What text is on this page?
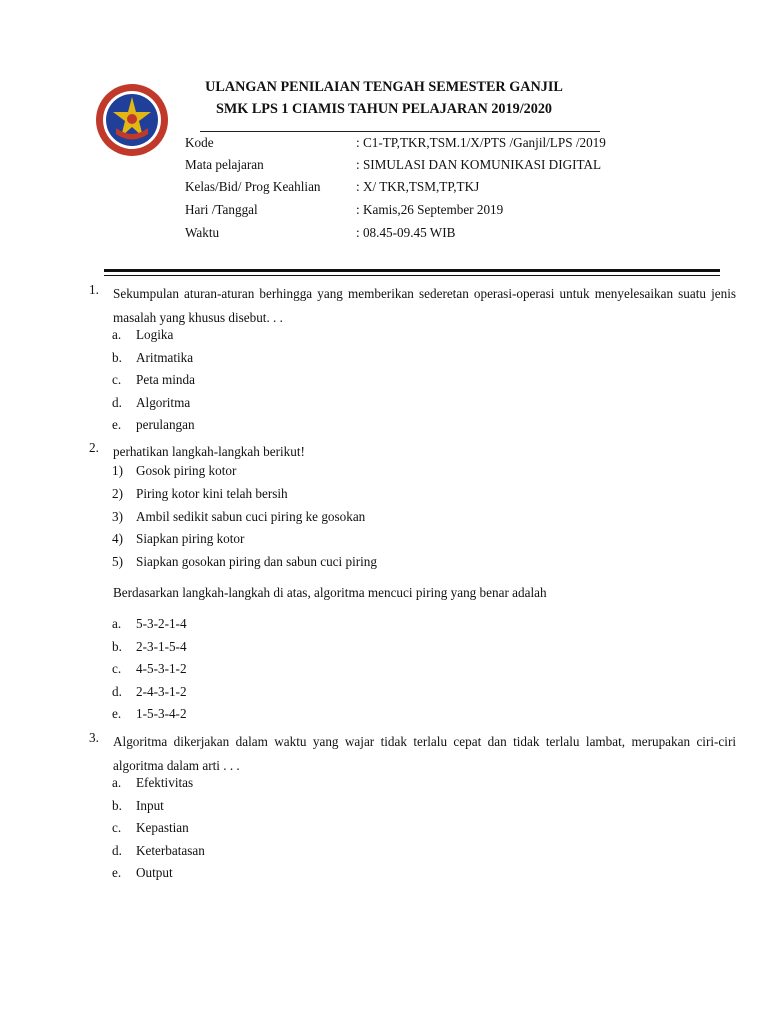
ULANGAN PENILAIAN TENGAH SEMESTER GANJIL
SMK LPS 1 CIAMIS TAHUN PELAJARAN 2019/2020
Kode	: C1-TP,TKR,TSM.1/X/PTS /Ganjil/LPS /2019
Mata pelajaran	: SIMULASI DAN KOMUNIKASI DIGITAL
Kelas/Bid/ Prog Keahlian	: X/ TKR,TSM,TP,TKJ
Hari /Tanggal	: Kamis,26 September 2019
Waktu	: 08.45-09.45 WIB
1. Sekumpulan aturan-aturan berhingga yang memberikan sederetan operasi-operasi untuk menyelesaikan suatu jenis masalah yang khusus disebut. . .
a. Logika
b. Aritmatika
c. Peta minda
d. Algoritma
e. perulangan
2. perhatikan langkah-langkah berikut!
1) Gosok piring kotor
2) Piring kotor kini telah bersih
3) Ambil sedikit sabun cuci piring ke gosokan
4) Siapkan piring kotor
5) Siapkan gosokan piring dan sabun cuci piring
Berdasarkan langkah-langkah di atas, algoritma mencuci piring yang benar adalah
a. 5-3-2-1-4
b. 2-3-1-5-4
c. 4-5-3-1-2
d. 2-4-3-1-2
e. 1-5-3-4-2
3. Algoritma dikerjakan dalam waktu yang wajar tidak terlalu cepat dan tidak terlalu lambat, merupakan ciri-ciri algoritma dalam arti . . .
a. Efektivitas
b. Input
c. Kepastian
d. Keterbatasan
e. Output
